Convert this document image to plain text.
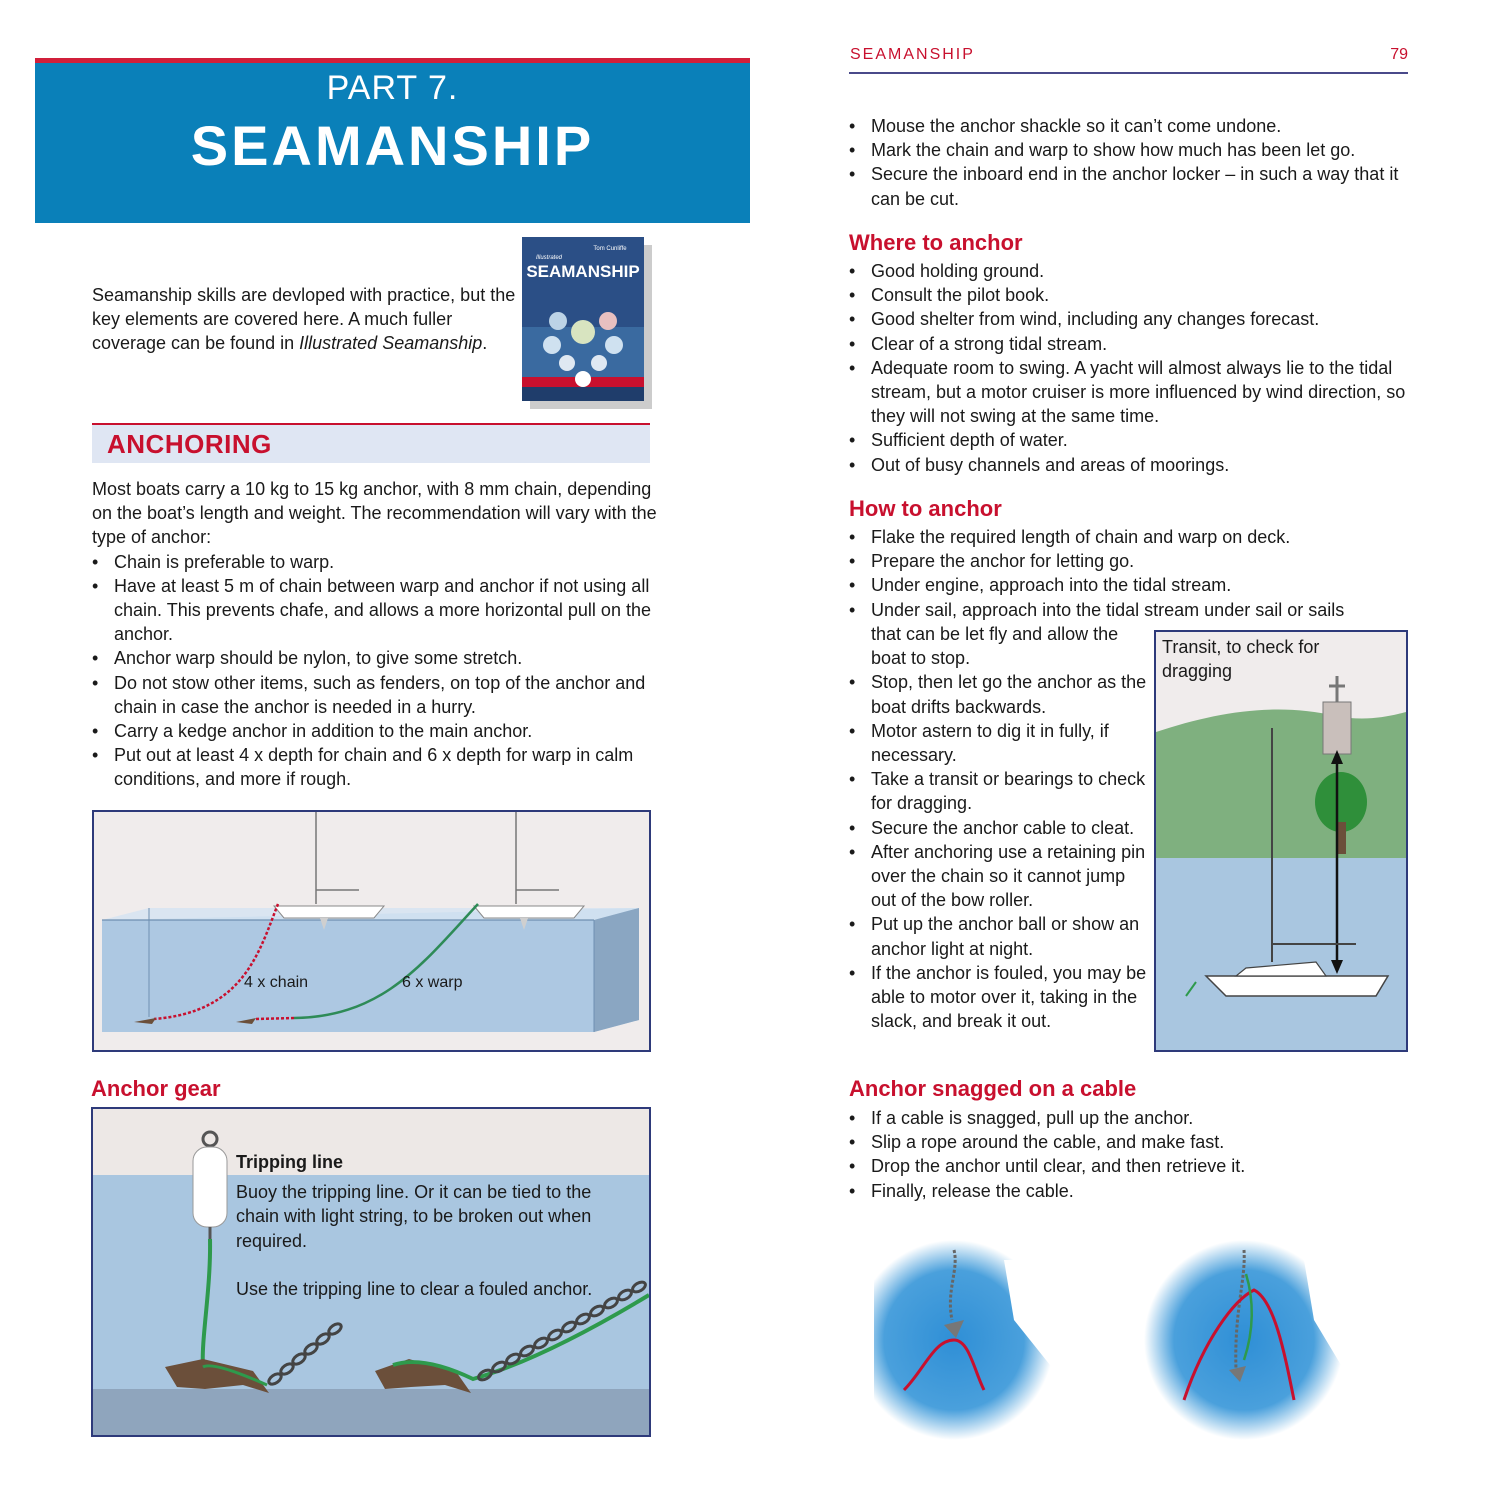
SEAMANSHIP	79
PART 7.
SEAMANSHIP
Seamanship skills are devloped with practice, but the key elements are covered here. A much fuller coverage can be found in Illustrated Seamanship.
Tom Cunliffe
Illustrated
SEAMANSHIP
ANCHORING
Most boats carry a 10 kg to 15 kg anchor, with 8 mm chain, depending on the boat’s length and weight. The recommendation will vary with the type of anchor:
• Chain is preferable to warp.
• Have at least 5 m of chain between warp and anchor if not using all chain. This prevents chafe, and allows a more horizontal pull on the anchor.
• Anchor warp should be nylon, to give some stretch.
• Do not stow other items, such as fenders, on top of the anchor and chain in case the anchor is needed in a hurry.
• Carry a kedge anchor in addition to the main anchor.
• Put out at least 4 x depth for chain and 6 x depth for warp in calm conditions, and more if rough.
4 x chain	6 x warp
Anchor gear
Tripping line
Buoy the tripping line. Or it can be tied to the chain with light string, to be broken out when required.
Use the tripping line to clear a fouled anchor.
• Mouse the anchor shackle so it can’t come undone.
• Mark the chain and warp to show how much has been let go.
• Secure the inboard end in the anchor locker – in such a way that it can be cut.
Where to anchor
• Good holding ground.
• Consult the pilot book.
• Good shelter from wind, including any changes forecast.
• Clear of a strong tidal stream.
• Adequate room to swing. A yacht will almost always lie to the tidal stream, but a motor cruiser is more influenced by wind direction, so they will not swing at the same time.
• Sufficient depth of water.
• Out of busy channels and areas of moorings.
How to anchor
• Flake the required length of chain and warp on deck.
• Prepare the anchor for letting go.
• Under engine, approach into the tidal stream.
• Under sail, approach into the tidal stream under sail or sails
that can be let fly and allow the boat to stop.
• Stop, then let go the anchor as the boat drifts backwards.
• Motor astern to dig it in fully, if necessary.
• Take a transit or bearings to check for dragging.
• Secure the anchor cable to cleat.
• After anchoring use a retaining pin over the chain so it cannot jump out of the bow roller.
• Put up the anchor ball or show an anchor light at night.
• If the anchor is fouled, you may be able to motor over it, taking in the slack, and break it out.
Transit, to check for dragging
Anchor snagged on a cable
• If a cable is snagged, pull up the anchor.
• Slip a rope around the cable, and make fast.
• Drop the anchor until clear, and then retrieve it.
• Finally, release the cable.
